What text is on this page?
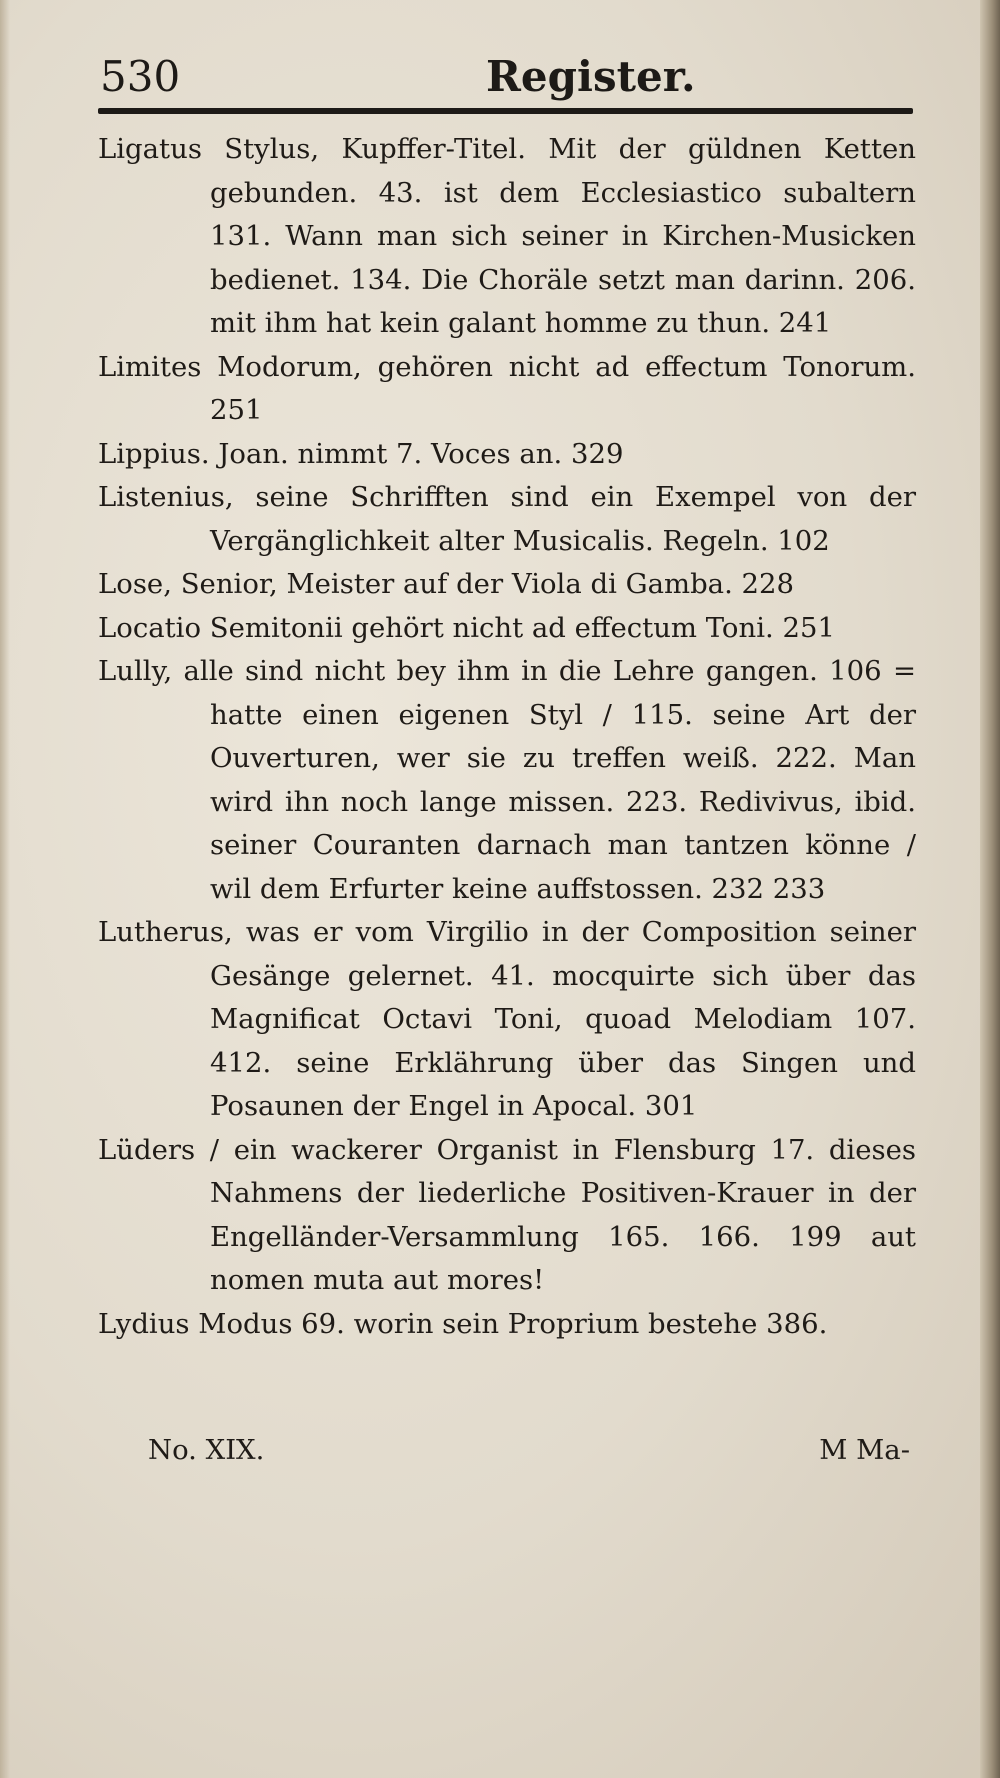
530	Register.

Ligatus Stylus, Kupffer-Titel. Mit der güldnen Ketten gebunden. 43. ist dem Ecclesiastico subaltern 131. Wann man sich seiner in Kirchen-Musicken bedienet. 134. Die Choräle setzt man darinn. 206. mit ihm hat kein galant homme zu thun. 241

Limites Modorum, gehören nicht ad effectum Tonorum. 251

Lippius. Joan. nimmt 7. Voces an. 329

Listenius, seine Schrifften sind ein Exempel von der Vergänglichkeit alter Musicalis. Regeln. 102

Lose, Senior, Meister auf der Viola di Gamba. 228

Locatio Semitonii gehört nicht ad effectum Toni. 251

Lully, alle sind nicht bey ihm in die Lehre gangen. 106 = hatte einen eigenen Styl / 115. seine Art der Ouverturen, wer sie zu treffen weiß. 222. Man wird ihn noch lange missen. 223. Redivivus, ibid. seiner Couranten darnach man tantzen könne / wil dem Erfurter keine auffstossen. 232 233

Lutherus, was er vom Virgilio in der Composition seiner Gesänge gelernet. 41. mocquirte sich über das Magnificat Octavi Toni, quoad Melodiam 107. 412. seine Erklährung über das Singen und Posaunen der Engel in Apocal. 301

Lüders / ein wackerer Organist in Flensburg 17. dieses Nahmens der liederliche Positiven-Krauer in der Engelländer-Versammlung 165. 166. 199 aut nomen muta aut mores!

Lydius Modus 69. worin sein Proprium bestehe 386.

No. XIX.	M Ma-
